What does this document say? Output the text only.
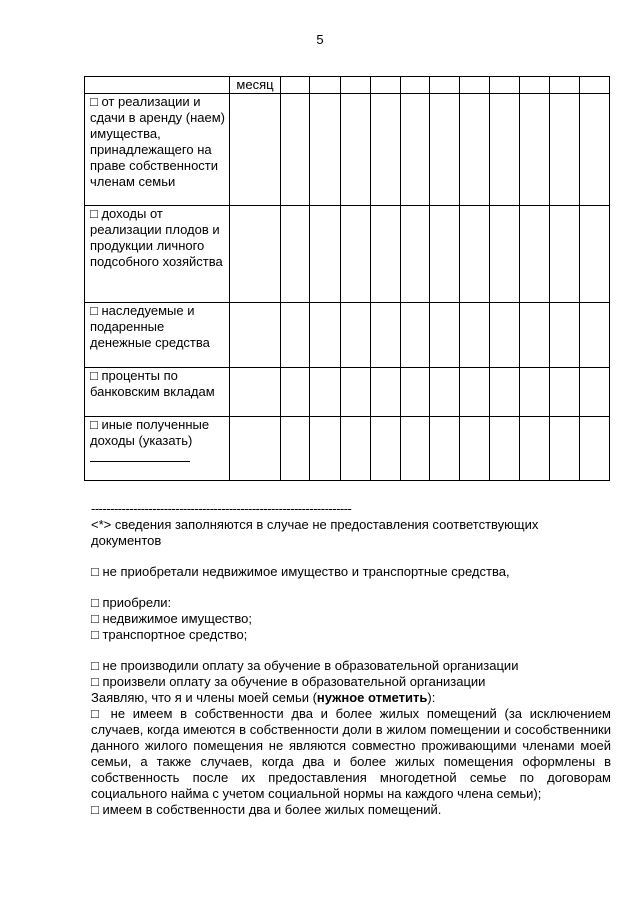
5
	месяц											
□ от реализации и сдачи в аренду (наем) имущества, принадлежащего на праве собственности членам семьи												
□ доходы от реализации плодов и продукции личного подсобного хозяйства												
□ наследуемые и подаренные денежные средства												
□ проценты по банковским вкладам												
□ иные полученные доходы (указать)

--------------------------------------------------------------------

<*> сведения заполняются в случае не предоставления соответствующих документов

□ не приобретали недвижимое имущество и транспортные средства,

□ приобрели:

□ недвижимое имущество;

□ транспортное средство;

□ не производили оплату за обучение в образовательной организации

□ произвели оплату за обучение в образовательной организации

Заявляю, что я и члены моей семьи (нужное отметить):

□ не имеем в собственности два и более жилых помещений (за исключением случаев, когда имеются в собственности доли в жилом помещении и сособственники данного жилого помещения не являются совместно проживающими членами моей семьи, а также случаев, когда два и более жилых помещения оформлены в собственность после их предоставления многодетной семье по договорам социального найма с учетом социальной нормы на каждого члена семьи);

□ имеем в собственности два и более жилых помещений.
